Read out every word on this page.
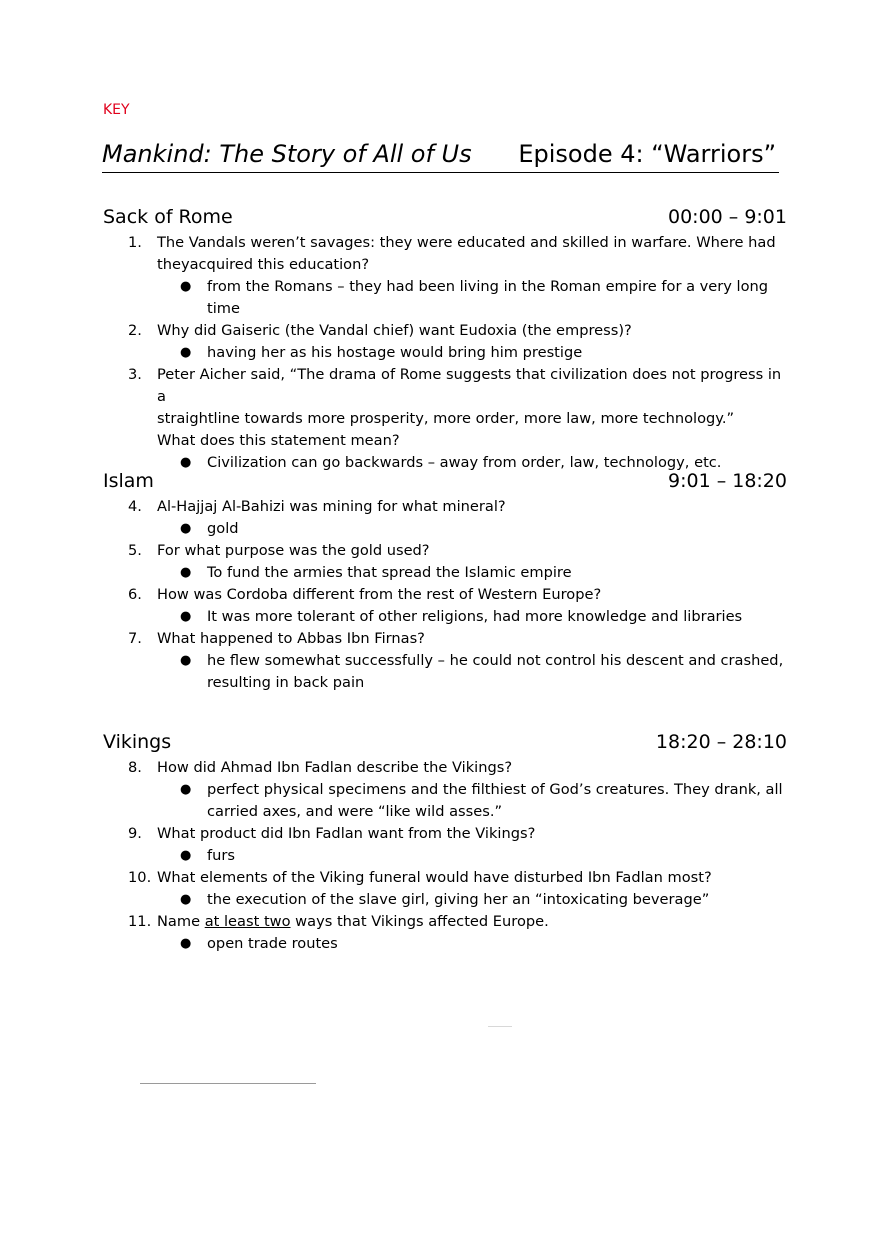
KEY
Mankind: The Story of All of Us Episode 4: “Warriors”
Sack of Rome	00:00 – 9:01
1. The Vandals weren’t savages: they were educated and skilled in warfare. Where had
theyacquired this education?
● from the Romans – they had been living in the Roman empire for a very long time
2. Why did Gaiseric (the Vandal chief) want Eudoxia (the empress)?
● having her as his hostage would bring him prestige
3. Peter Aicher said, “The drama of Rome suggests that civilization does not progress in a
straightline towards more prosperity, more order, more law, more technology.”
What does this statement mean?
● Civilization can go backwards – away from order, law, technology, etc.
Islam	9:01 – 18:20
4. Al-Hajjaj Al-Bahizi was mining for what mineral?
● gold
5. For what purpose was the gold used?
● To fund the armies that spread the Islamic empire
6. How was Cordoba different from the rest of Western Europe?
● It was more tolerant of other religions, had more knowledge and libraries
7. What happened to Abbas Ibn Firnas?
● he flew somewhat successfully – he could not control his descent and crashed,
resulting in back pain
Vikings	18:20 – 28:10
8. How did Ahmad Ibn Fadlan describe the Vikings?
● perfect physical specimens and the filthiest of God’s creatures. They drank, all
carried axes, and were “like wild asses.”
9. What product did Ibn Fadlan want from the Vikings?
● furs
10. What elements of the Viking funeral would have disturbed Ibn Fadlan most?
● the execution of the slave girl, giving her an “intoxicating beverage”
11. Name at least two ways that Vikings affected Europe.
● open trade routes
